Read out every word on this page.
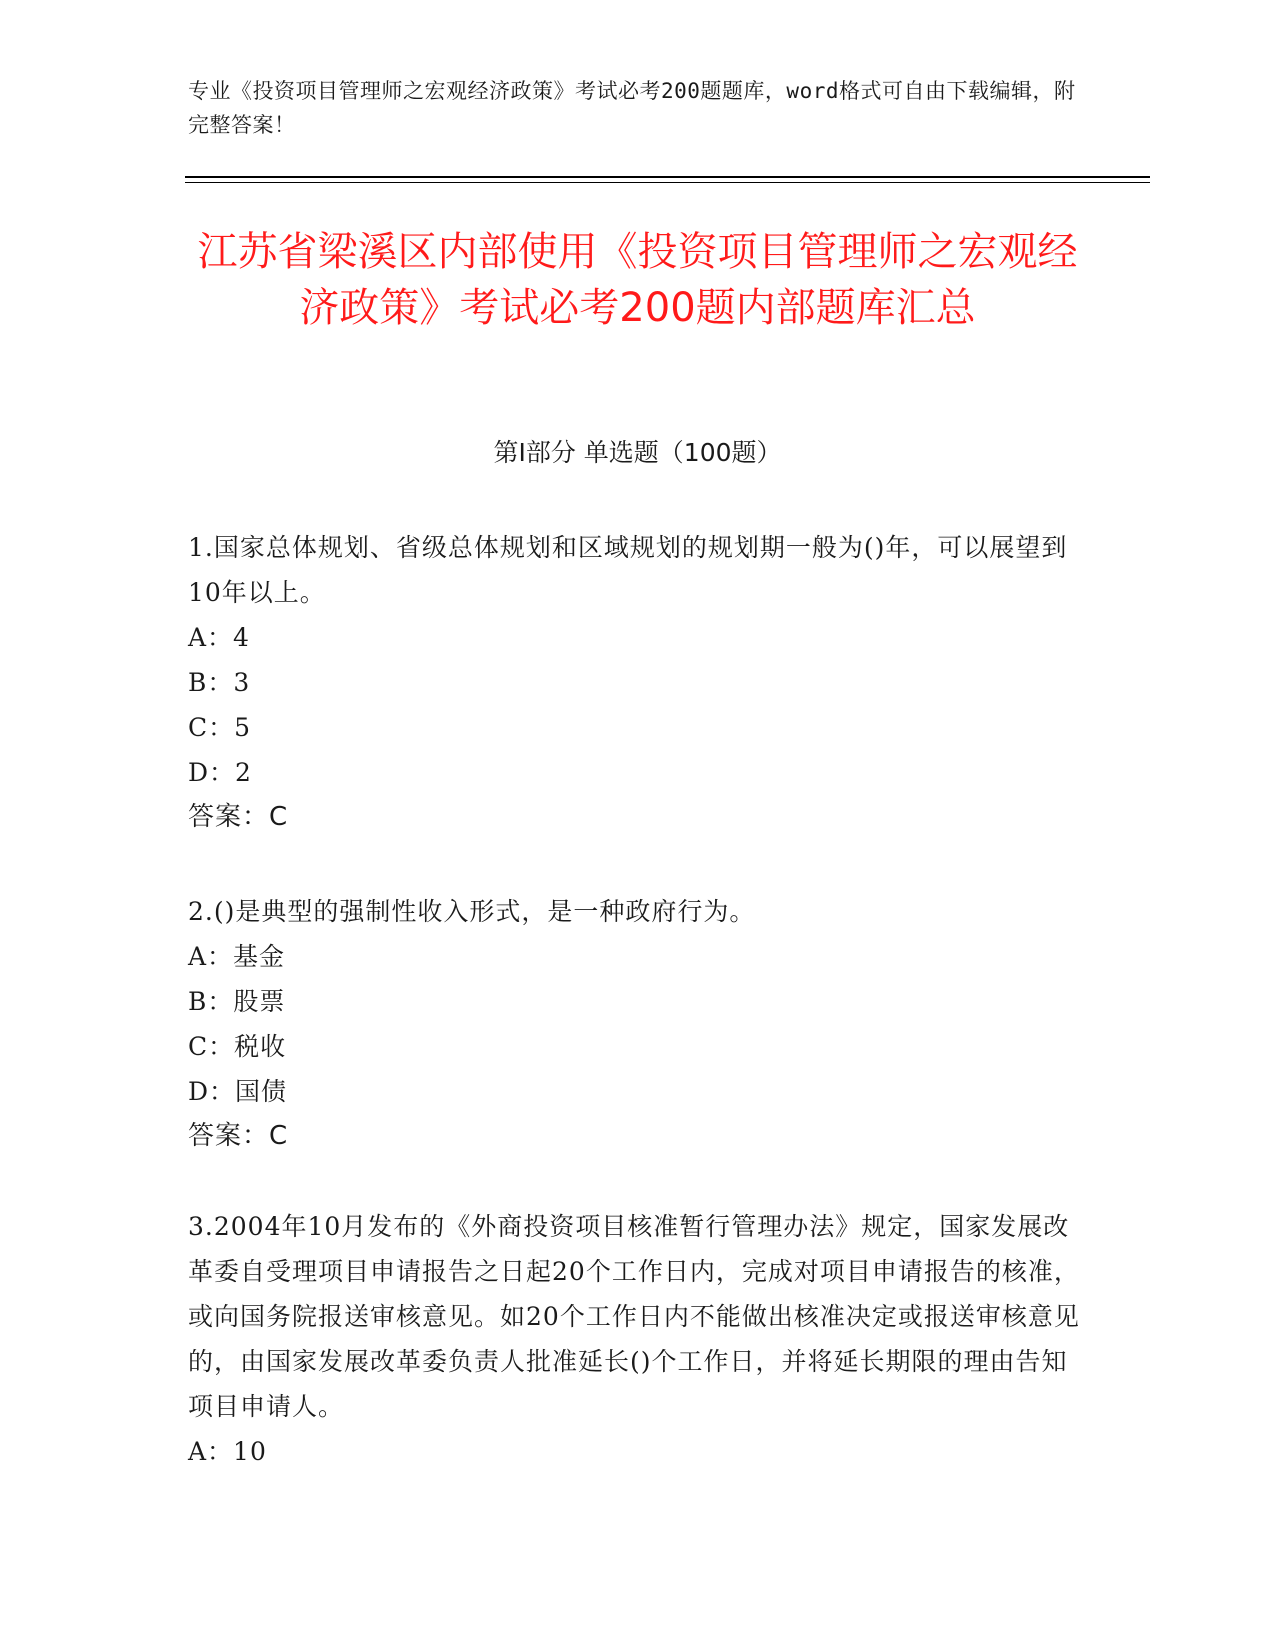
专业《投资项目管理师之宏观经济政策》考试必考200题题库，word格式可自由下载编辑，附完整答案！
江苏省梁溪区内部使用《投资项目管理师之宏观经济政策》考试必考200题内部题库汇总
第I部分 单选题（100题）
1.国家总体规划、省级总体规划和区域规划的规划期一般为()年，可以展望到10年以上。
A：4
B：3
C：5
D：2
答案：C
2.()是典型的强制性收入形式，是一种政府行为。
A：基金
B：股票
C：税收
D：国债
答案：C
3.2004年10月发布的《外商投资项目核准暂行管理办法》规定，国家发展改革委自受理项目申请报告之日起20个工作日内，完成对项目申请报告的核准，或向国务院报送审核意见。如20个工作日内不能做出核准决定或报送审核意见的，由国家发展改革委负责人批准延长()个工作日，并将延长期限的理由告知项目申请人。
A：10
